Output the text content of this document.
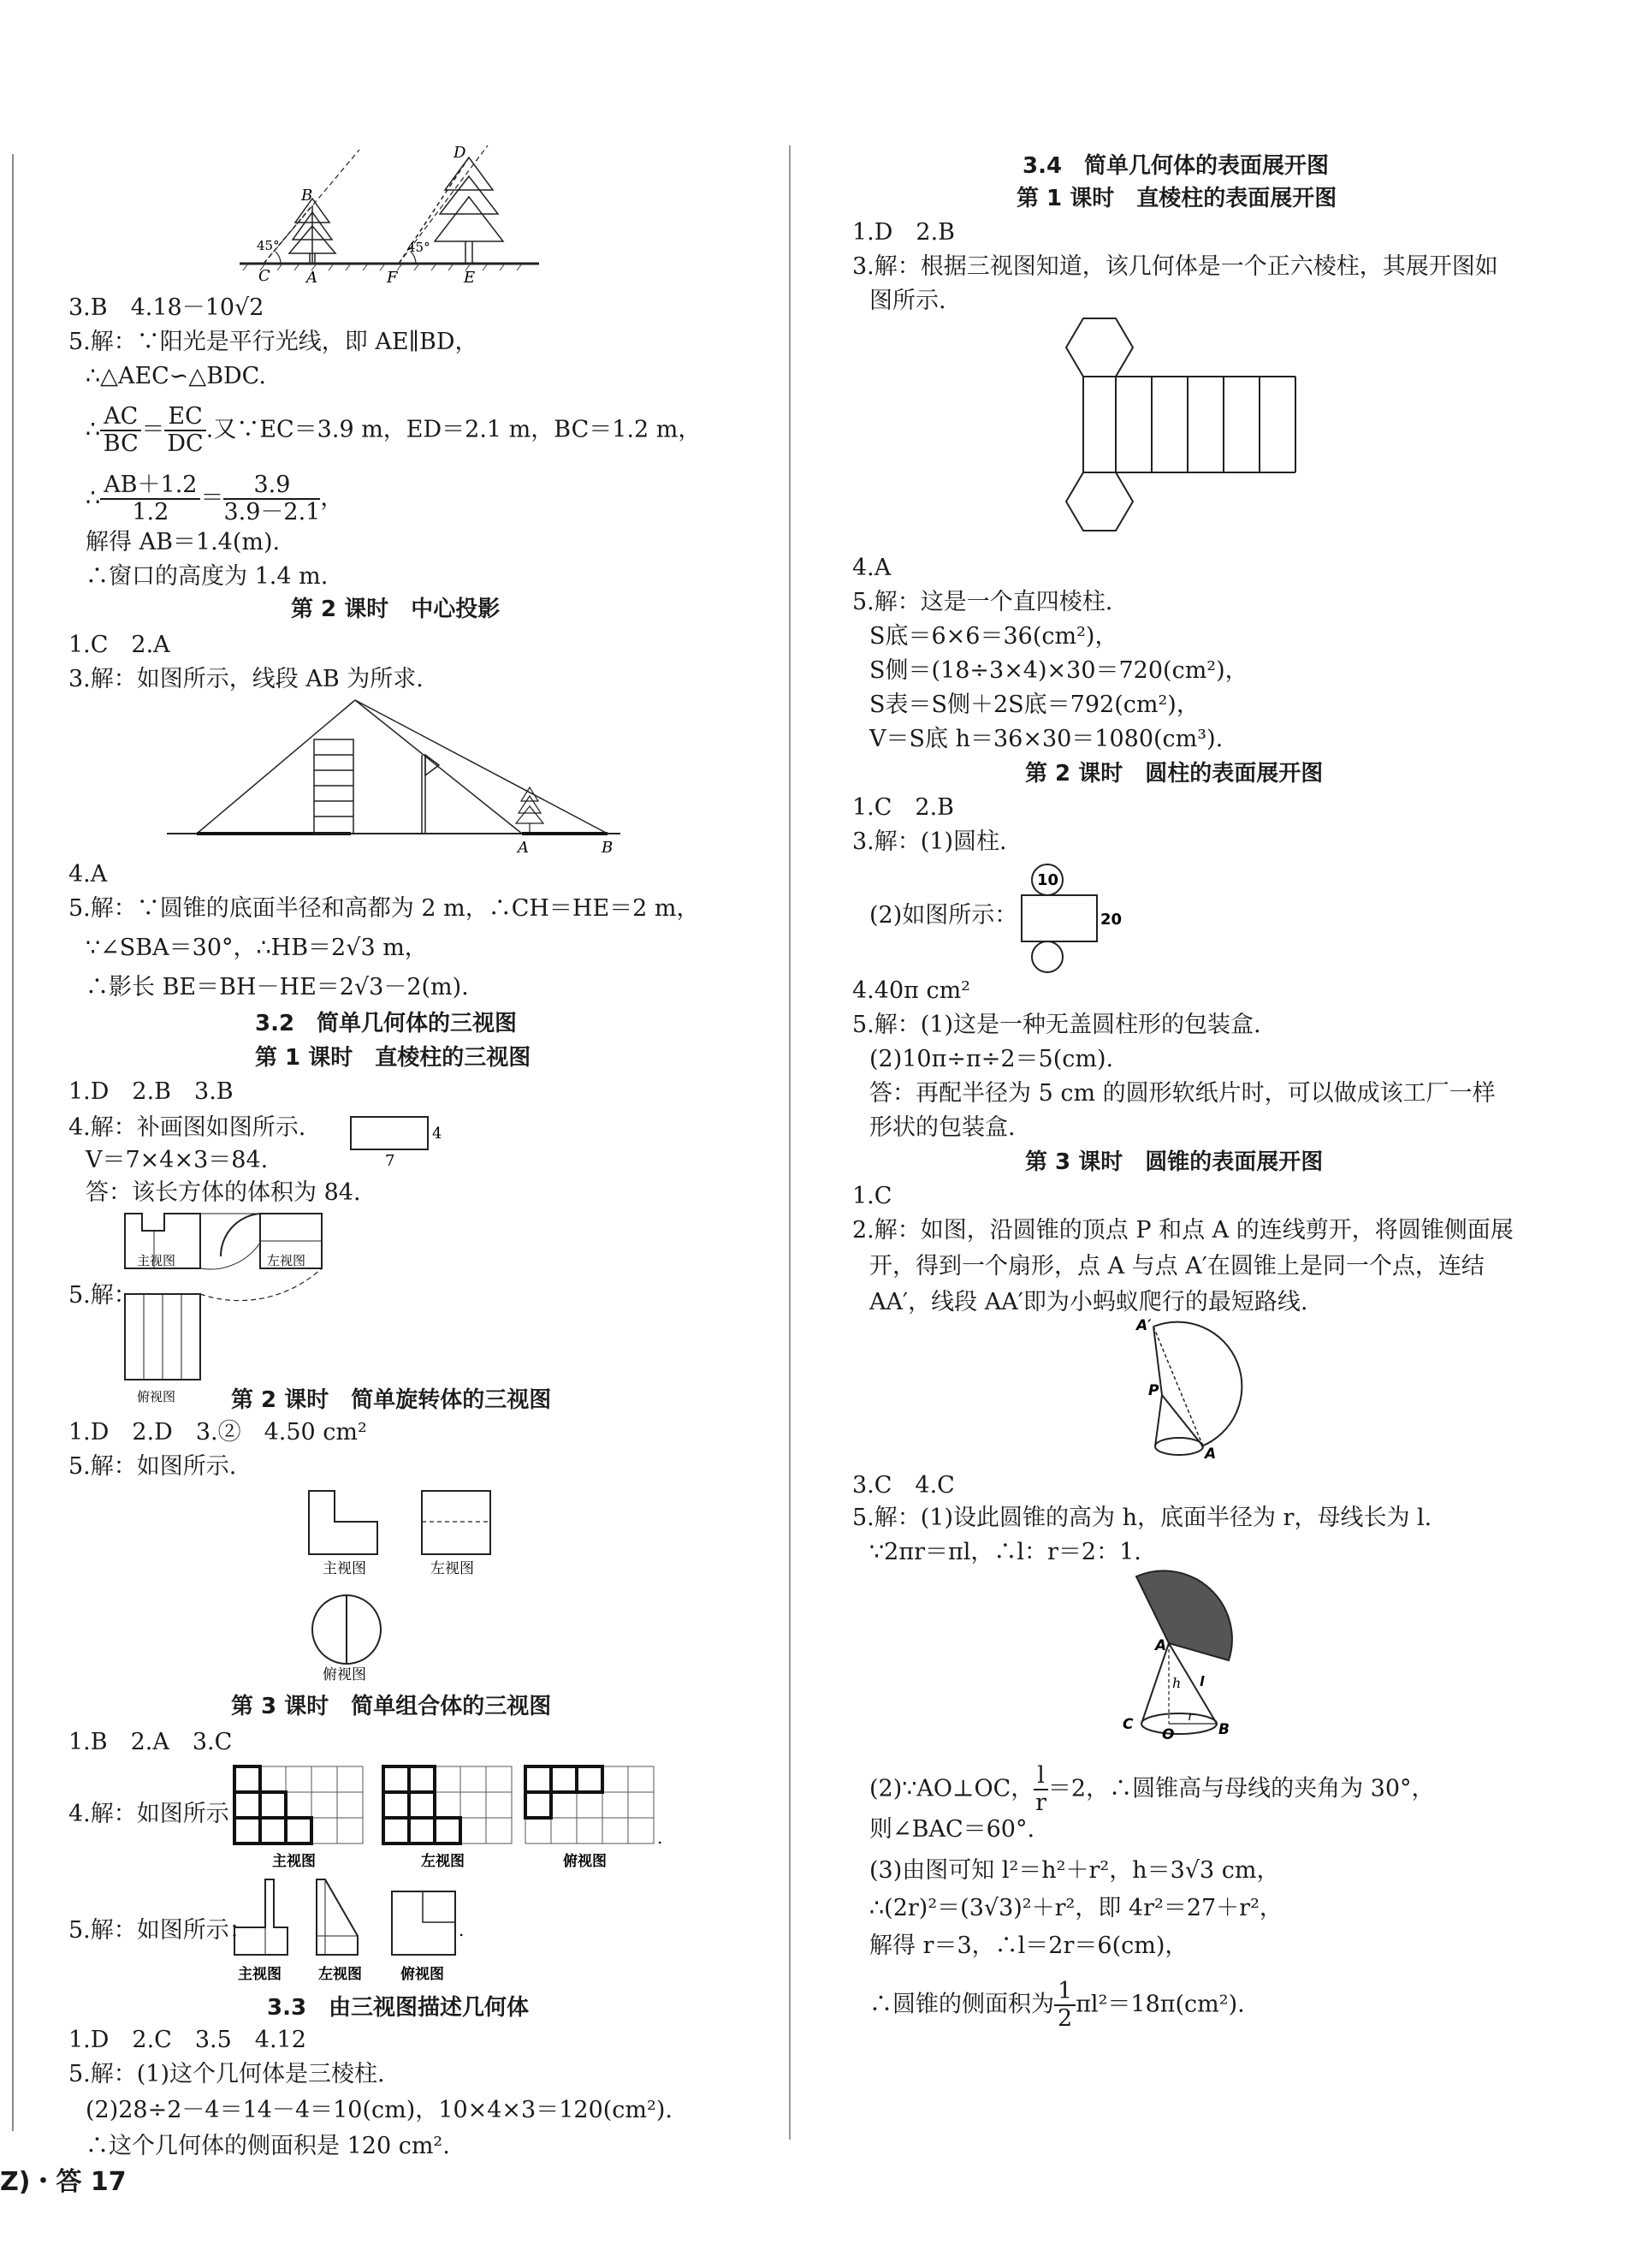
B
C A
D
F	E
45°	45°
3.B　4.18－10√2
5.解：∵阳光是平行光线，即 AE∥BD，
∴△AEC∽△BDC.
∴ $\frac{AC}{BC} = \frac{EC}{DC}$ .又∵EC＝3.9 m，ED＝2.1 m，BC＝1.2 m，
∴ $\frac{AB+1.2}{1.2} = \frac{3.9}{3.9-2.1}$ ，
解得 AB＝1.4(m).
∴窗口的高度为 1.4 m.
第 2 课时　中心投影
1.C　2.A
3.解：如图所示，线段 AB 为所求.
A	B
4.A
5.解：∵圆锥的底面半径和高都为 2 m，∴CH＝HE＝2 m，
∵∠SBA＝30°，∴HB＝2√3 m，
∴影长 BE＝BH－HE＝2√3－2(m).
3.2　简单几何体的三视图
第 1 课时　直棱柱的三视图
1.D　2.B　3.B
4.解：补画图如图所示.	4
7
V＝7×4×3＝84.
答：该长方体的体积为 84.
主视图	左视图
俯视图
5.解：
第 2 课时　简单旋转体的三视图
1.D　2.D　3.②　4.50 cm²
5.解：如图所示.
主视图	左视图
俯视图
第 3 课时　简单组合体的三视图
1.B　2.A　3.C
4.解：如图所示：
.
主视图	左视图	俯视图
5.解：如图所示：	.
主视图	左视图	俯视图
3.3　由三视图描述几何体
1.D　2.C　3.5　4.12
5.解：(1)这个几何体是三棱柱.
(2)28÷2－4＝14－4＝10(cm)，10×4×3＝120(cm²).
∴这个几何体的侧面积是 120 cm².
3.4　简单几何体的表面展开图
第 1 课时　直棱柱的表面展开图
1.D　2.B
3.解：根据三视图知道，该几何体是一个正六棱柱，其展开图如
图所示.
4.A
5.解：这是一个直四棱柱.
S底＝6×6＝36(cm²)，
S侧＝(18÷3×4)×30＝720(cm²)，
S表＝S侧＋2S底＝792(cm²)，
V＝S底 h＝36×30＝1080(cm³).
第 2 课时　圆柱的表面展开图
1.C　2.B
3.解：(1)圆柱.
(2)如图所示：
10
20
4.40π cm²
5.解：(1)这是一种无盖圆柱形的包装盒.
(2)10π÷π÷2＝5(cm).
答：再配半径为 5 cm 的圆形软纸片时，可以做成该工厂一样
形状的包装盒.
第 3 课时　圆锥的表面展开图
1.C
2.解：如图，沿圆锥的顶点 P 和点 A 的连线剪开，将圆锥侧面展
开，得到一个扇形，点 A 与点 A′在圆锥上是同一个点，连结
AA′，线段 AA′即为小蚂蚁爬行的最短路线.
A′
P
A
3.C　4.C
5.解：(1)设此圆锥的高为 h，底面半径为 r，母线长为 l.
∵2πr＝πl，∴l：r＝2：1.
A
h l
r
C
O	B
(2)∵AO⊥OC， $\frac{l}{r} =2$，∴圆锥高与母线的夹角为 30°，
则∠BAC＝60°.
(3)由图可知 l²＝h²＋r²，h＝3√3 cm，
∴(2r)²＝(3√3)²＋r²，即 4r²＝27＋r²，
解得 r＝3，∴l＝2r＝6(cm)，
∴圆锥的侧面积为 $\frac{1}{2} \pi l^2=18\pi(cm^2)$.
Z)・答 17
